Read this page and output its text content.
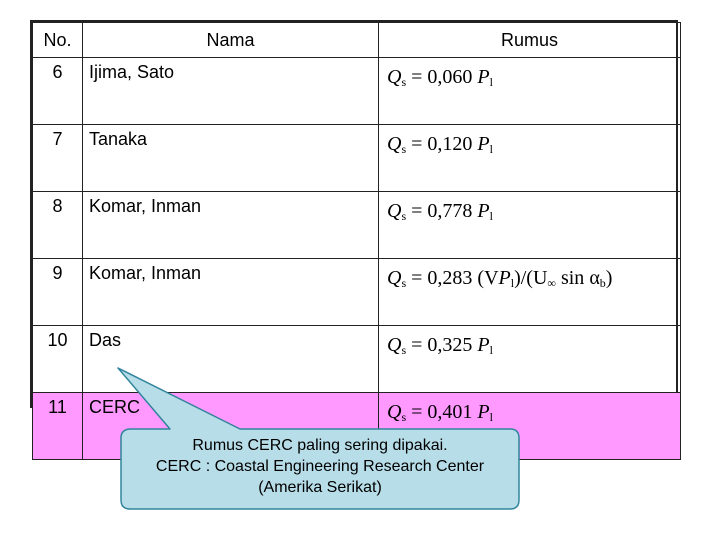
No.	Nama	Rumus
6	Ijima, Sato	$Q_s = 0,060$ $P_l$
7	Tanaka	$Q_s = 0,120$ $P_l$
8	Komar, Inman	$Q_s = 0,778$ $P_l$
9	Komar, Inman	$Q_s = 0,283$ $(VP_l)/(U_\infty$ $\sin \alpha_b$)
10	Das	$Q_s = 0,325$ $P_l$
11	CERC	$Q_s = 0,401$ $P_l$
Rumus CERC paling sering dipakai.
CERC : Coastal Engineering Research Center
(Amerika Serikat)
